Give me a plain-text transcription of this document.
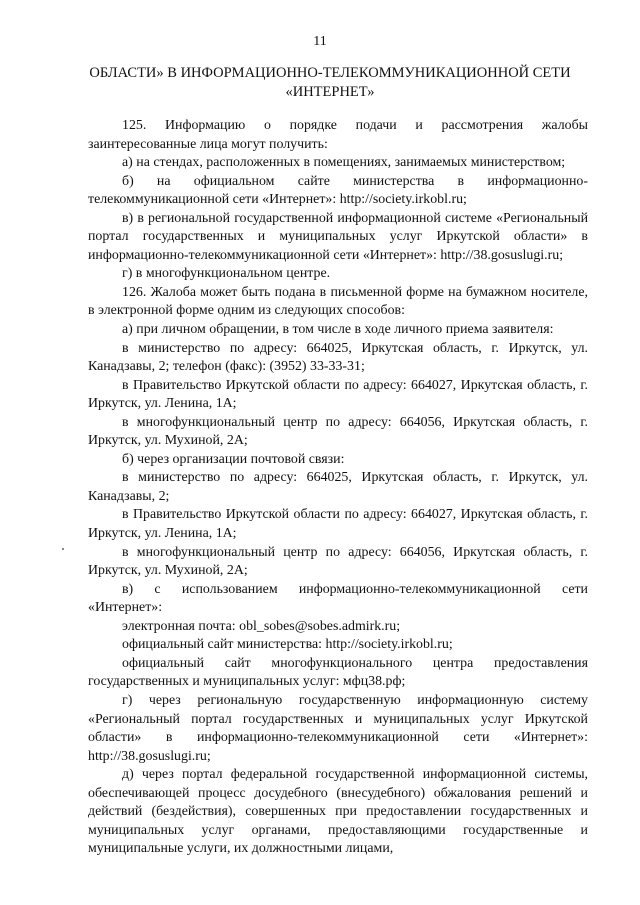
11
ОБЛАСТИ» В ИНФОРМАЦИОННО-ТЕЛЕКОММУНИКАЦИОННОЙ СЕТИ «ИНТЕРНЕТ»

125. Информацию о порядке подачи и рассмотрения жалобы заинтересованные лица могут получить:

а) на стендах, расположенных в помещениях, занимаемых министерством;

б) на официальном сайте министерства в информационно-телекоммуникационной сети «Интернет»: http://society.irkobl.ru;

в) в региональной государственной информационной системе «Региональный портал государственных и муниципальных услуг Иркутской области» в информационно-телекоммуникационной сети «Интернет»: http://38.gosuslugi.ru;

г) в многофункциональном центре.

126. Жалоба может быть подана в письменной форме на бумажном носителе, в электронной форме одним из следующих способов:

а) при личном обращении, в том числе в ходе личного приема заявителя:

в министерство по адресу: 664025, Иркутская область, г. Иркутск, ул. Канадзавы, 2; телефон (факс): (3952) 33-33-31;

в Правительство Иркутской области по адресу: 664027, Иркутская область, г. Иркутск, ул. Ленина, 1А;

в многофункциональный центр по адресу: 664056, Иркутская область, г. Иркутск, ул. Мухиной, 2А;

б) через организации почтовой связи:

в министерство по адресу: 664025, Иркутская область, г. Иркутск, ул. Канадзавы, 2;

в Правительство Иркутской области по адресу: 664027, Иркутская область, г. Иркутск, ул. Ленина, 1А;

в многофункциональный центр по адресу: 664056, Иркутская область, г. Иркутск, ул. Мухиной, 2А;

в) с использованием информационно-телекоммуникационной сети «Интернет»:

электронная почта: obl_sobes@sobes.admirk.ru;

официальный сайт министерства: http://society.irkobl.ru;

официальный сайт многофункционального центра предоставления государственных и муниципальных услуг: мфц38.рф;

г) через региональную государственную информационную систему «Региональный портал государственных и муниципальных услуг Иркутской области» в информационно-телекоммуникационной сети «Интернет»: http://38.gosuslugi.ru;

д) через портал федеральной государственной информационной системы, обеспечивающей процесс досудебного (внесудебного) обжалования решений и действий (бездействия), совершенных при предоставлении государственных и муниципальных услуг органами, предоставляющими государственные и муниципальные услуги, их должностными лицами,
